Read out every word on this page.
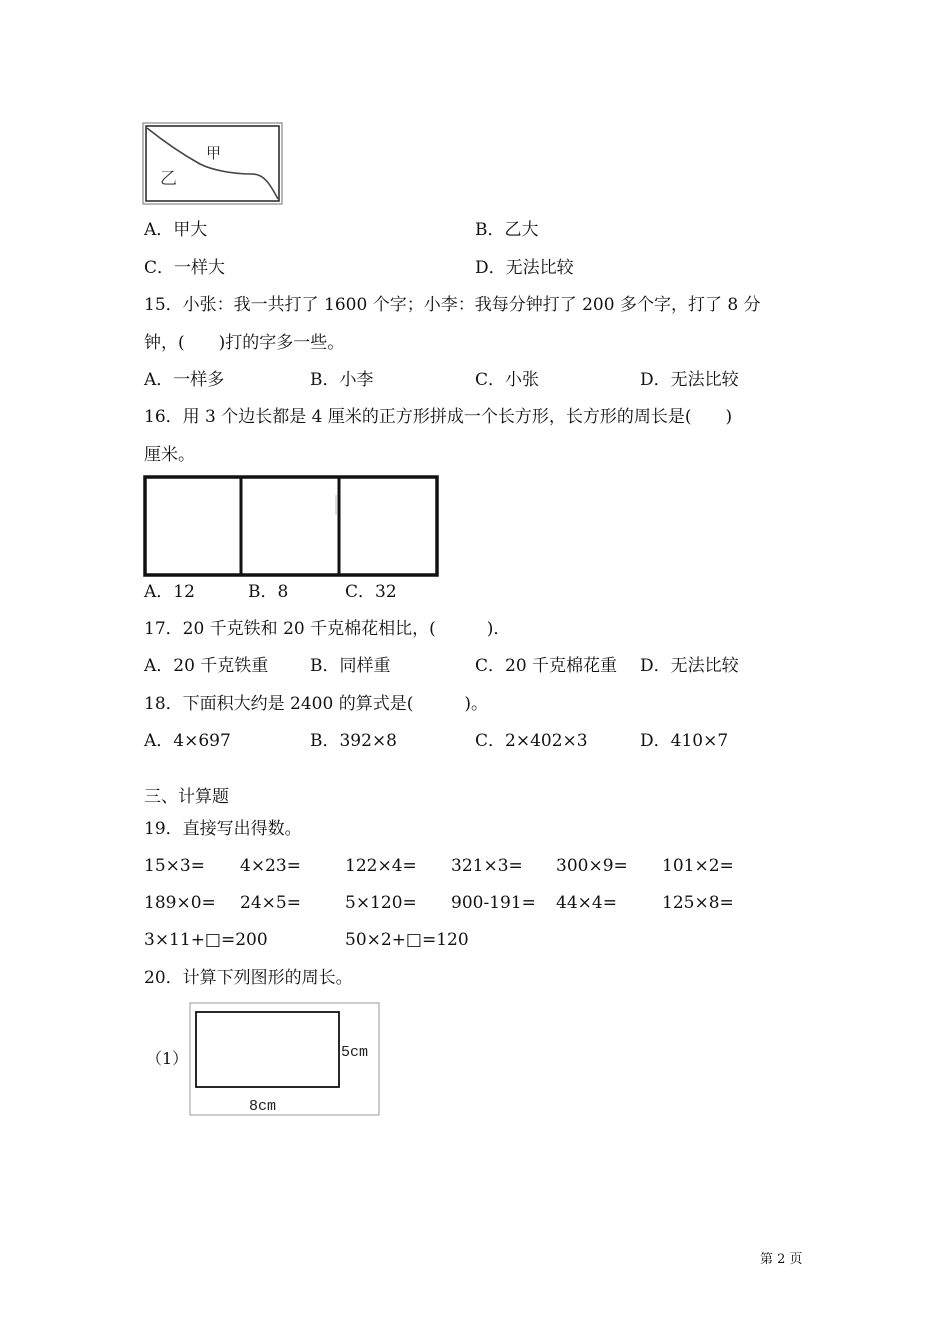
甲
乙
A．甲大	B．乙大
C．一样大	D．无法比较
15．小张：我一共打了 1600 个字；小李：我每分钟打了 200 多个字，打了 8 分
钟，(　　)打的字多一些。
A．一样多	B．小李	C．小张	D．无法比较
16．用 3 个边长都是 4 厘米的正方形拼成一个长方形，长方形的周长是(　　)
厘米。
A．12	B．8	C．32
17．20 千克铁和 20 千克棉花相比，(　　　)．
A．20 千克铁重 B．同样重	C．20 千克棉花重 D．无法比较
18．下面积大约是 2400 的算式是(　　　)。
A．4×697	B．392×8	C．2×402×3	D．410×7
三、计算题
19．直接写出得数。
15×3= 4×23=	122×4= 321×3= 300×9= 101×2=
189×0= 24×5=	5×120= 900-191= 44×4=	125×8=
3×11+□=200	50×2+□=120
20．计算下列图形的周长。
（1）	5cm
8cm
第 2 页
